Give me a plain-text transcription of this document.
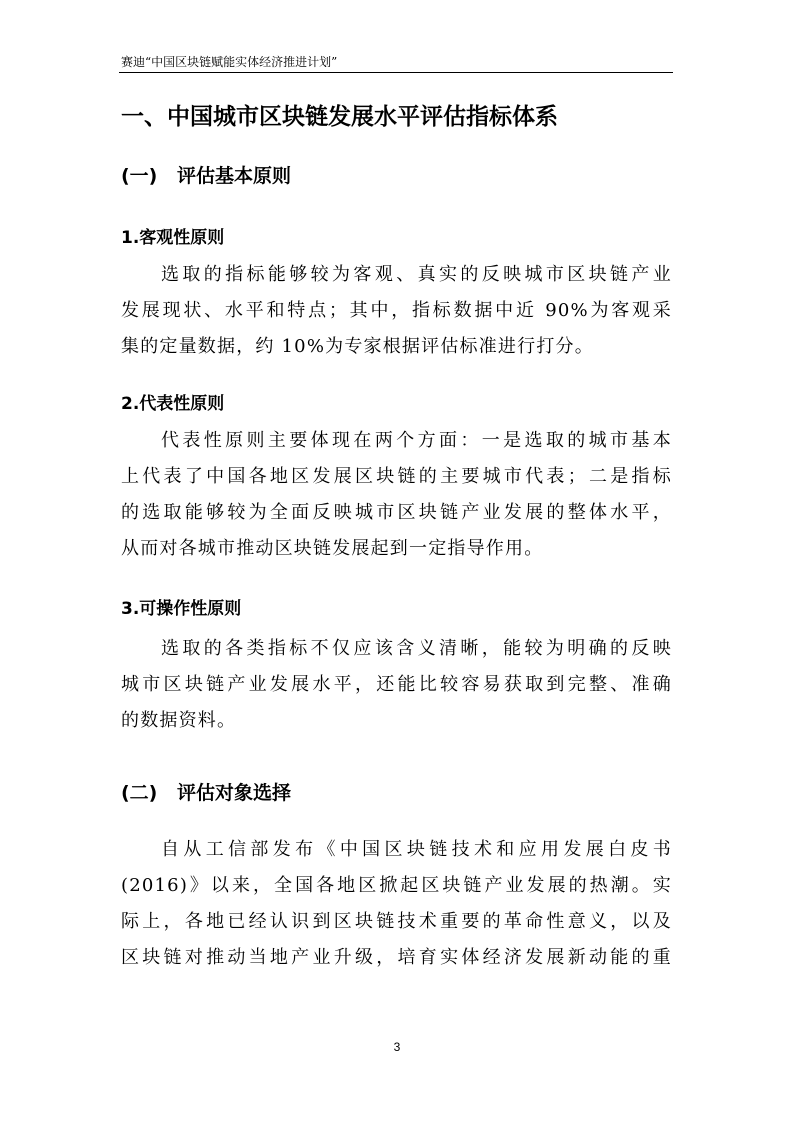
赛迪“中国区块链赋能实体经济推进计划”
一、中国城市区块链发展水平评估指标体系
(一) 评估基本原则
1.客观性原则
选取的指标能够较为客观、真实的反映城市区块链产业
发展现状、水平和特点；其中，指标数据中近 90%为客观采
集的定量数据，约 10%为专家根据评估标准进行打分。
2.代表性原则
代表性原则主要体现在两个方面：一是选取的城市基本
上代表了中国各地区发展区块链的主要城市代表；二是指标
的选取能够较为全面反映城市区块链产业发展的整体水平，
从而对各城市推动区块链发展起到一定指导作用。
3.可操作性原则
选取的各类指标不仅应该含义清晰，能较为明确的反映
城市区块链产业发展水平，还能比较容易获取到完整、准确
的数据资料。
(二) 评估对象选择
自从工信部发布《中国区块链技术和应用发展白皮书
(2016)》以来，全国各地区掀起区块链产业发展的热潮。实
际上，各地已经认识到区块链技术重要的革命性意义，以及
区块链对推动当地产业升级，培育实体经济发展新动能的重
3
